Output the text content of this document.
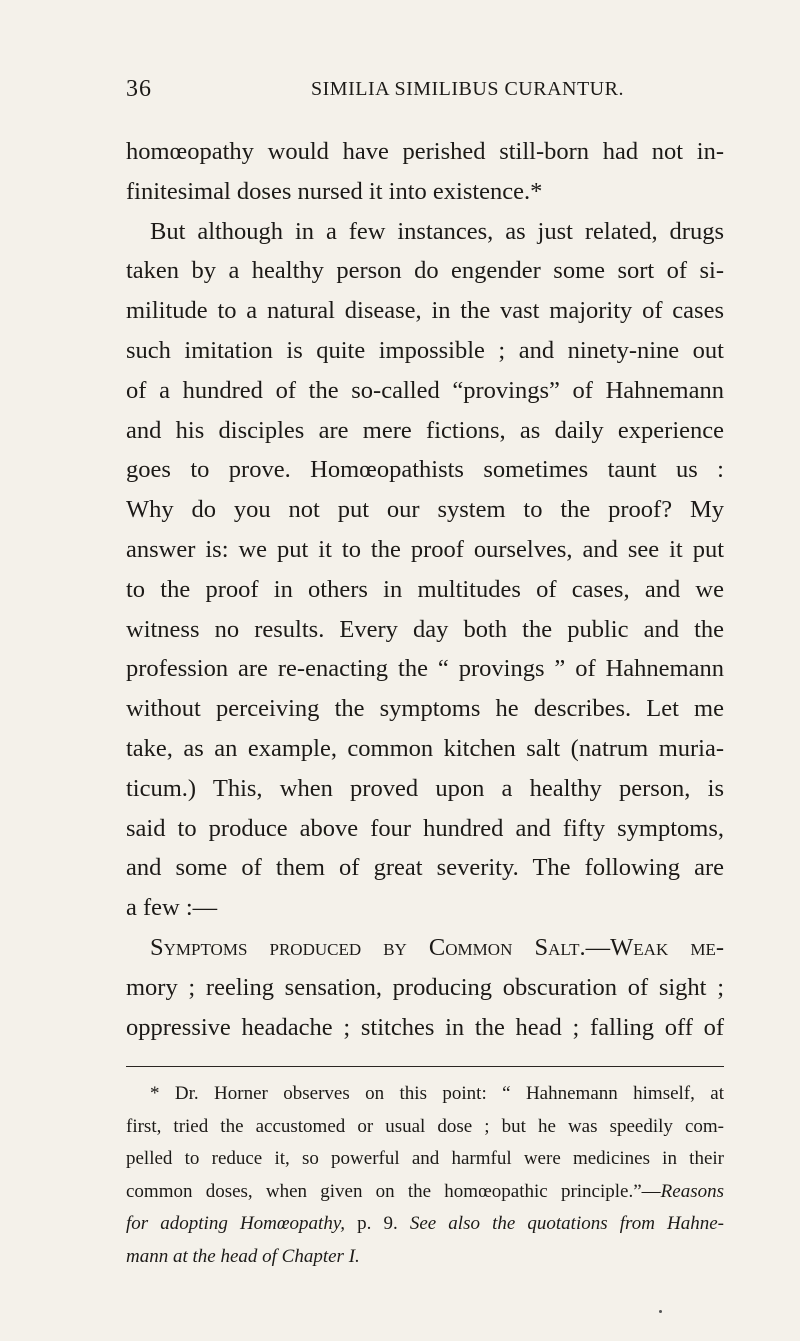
36	SIMILIA SIMILIBUS CURANTUR.
homœopathy would have perished still-born had not in-
finitesimal doses nursed it into existence.*
But although in a few instances, as just related, drugs
taken by a healthy person do engender some sort of si-
militude to a natural disease, in the vast majority of cases
such imitation is quite impossible ; and ninety-nine out
of a hundred of the so-called “provings” of Hahnemann
and his disciples are mere fictions, as daily experience
goes to prove. Homœopathists sometimes taunt us :
Why do you not put our system to the proof? My
answer is: we put it to the proof ourselves, and see it put
to the proof in others in multitudes of cases, and we
witness no results. Every day both the public and the
profession are re-enacting the “ provings ” of Hahnemann
without perceiving the symptoms he describes. Let me
take, as an example, common kitchen salt (natrum muria-
ticum.) This, when proved upon a healthy person, is
said to produce above four hundred and fifty symptoms,
and some of them of great severity. The following are
a few :—
Symptoms produced by Common Salt.—Weak me-
mory ; reeling sensation, producing obscuration of sight ;
oppressive headache ; stitches in the head ; falling off of
* Dr. Horner observes on this point: “ Hahnemann himself, at
first, tried the accustomed or usual dose ; but he was speedily com-
pelled to reduce it, so powerful and harmful were medicines in their
common doses, when given on the homœopathic principle.”—Reasons
for adopting Homœopathy, p. 9. See also the quotations from Hahne-
mann at the head of Chapter I.
